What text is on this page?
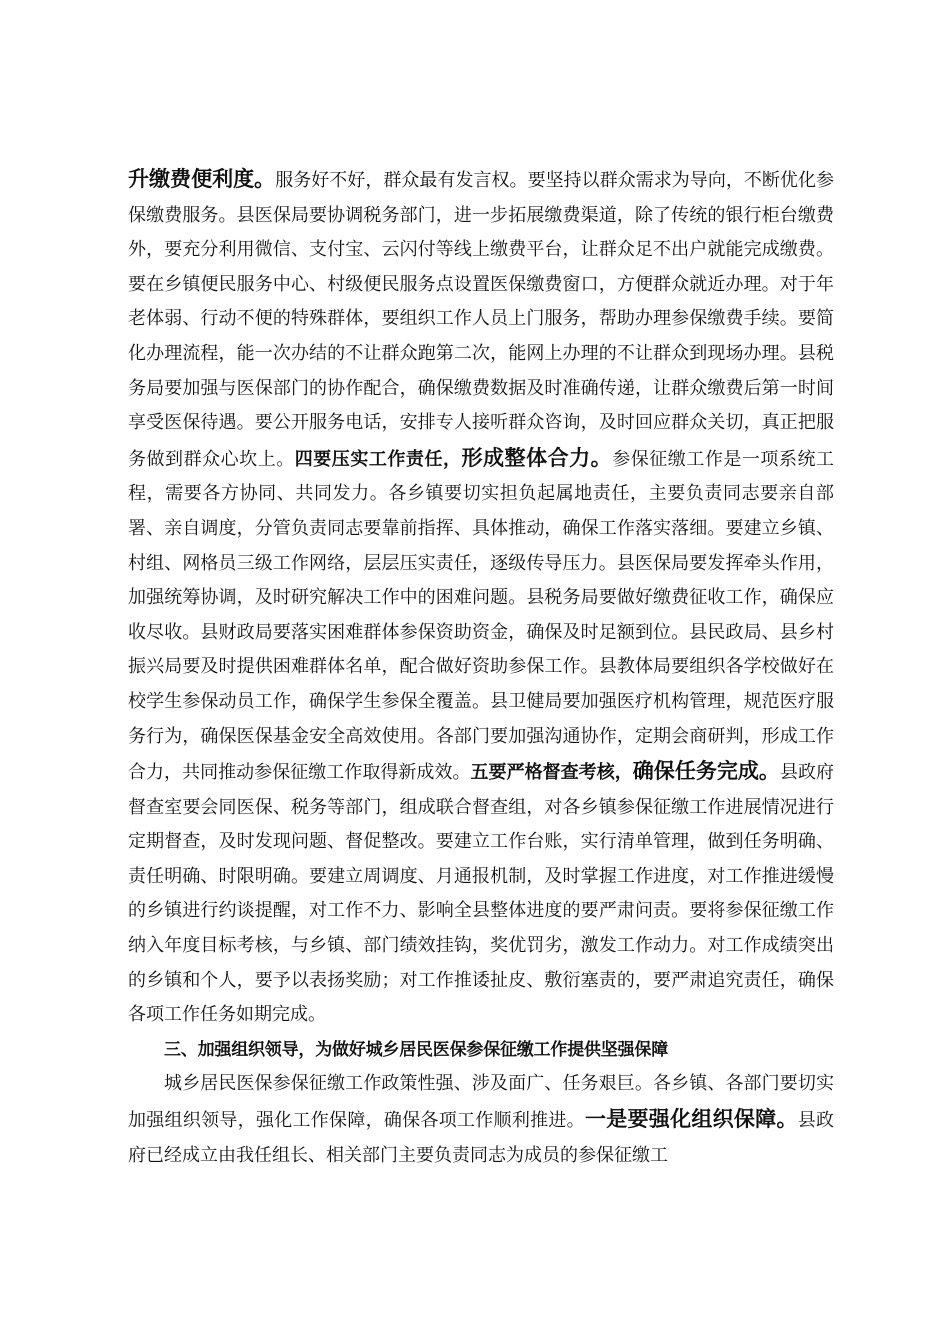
升缴费便利度。服务好不好，群众最有发言权。要坚持以群众需求为导向，不断优化参保缴费服务。县医保局要协调税务部门，进一步拓展缴费渠道，除了传统的银行柜台缴费外，要充分利用微信、支付宝、云闪付等线上缴费平台，让群众足不出户就能完成缴费。要在乡镇便民服务中心、村级便民服务点设置医保缴费窗口，方便群众就近办理。对于年老体弱、行动不便的特殊群体，要组织工作人员上门服务，帮助办理参保缴费手续。要简化办理流程，能一次办结的不让群众跑第二次，能网上办理的不让群众到现场办理。县税务局要加强与医保部门的协作配合，确保缴费数据及时准确传递，让群众缴费后第一时间享受医保待遇。要公开服务电话，安排专人接听群众咨询，及时回应群众关切，真正把服务做到群众心坎上。四要压实工作责任，形成整体合力。参保征缴工作是一项系统工程，需要各方协同、共同发力。各乡镇要切实担负起属地责任，主要负责同志要亲自部署、亲自调度，分管负责同志要靠前指挥、具体推动，确保工作落实落细。要建立乡镇、村组、网格员三级工作网络，层层压实责任，逐级传导压力。县医保局要发挥牵头作用，加强统筹协调，及时研究解决工作中的困难问题。县税务局要做好缴费征收工作，确保应收尽收。县财政局要落实困难群体参保资助资金，确保及时足额到位。县民政局、县乡村振兴局要及时提供困难群体名单，配合做好资助参保工作。县教体局要组织各学校做好在校学生参保动员工作，确保学生参保全覆盖。县卫健局要加强医疗机构管理，规范医疗服务行为，确保医保基金安全高效使用。各部门要加强沟通协作，定期会商研判，形成工作合力，共同推动参保征缴工作取得新成效。五要严格督查考核，确保任务完成。县政府督查室要会同医保、税务等部门，组成联合督查组，对各乡镇参保征缴工作进展情况进行定期督查，及时发现问题、督促整改。要建立工作台账，实行清单管理，做到任务明确、责任明确、时限明确。要建立周调度、月通报机制，及时掌握工作进度，对工作推进缓慢的乡镇进行约谈提醒，对工作不力、影响全县整体进度的要严肃问责。要将参保征缴工作纳入年度目标考核，与乡镇、部门绩效挂钩，奖优罚劣，激发工作动力。对工作成绩突出的乡镇和个人，要予以表扬奖励；对工作推诿扯皮、敷衍塞责的，要严肃追究责任，确保各项工作任务如期完成。

三、加强组织领导，为做好城乡居民医保参保征缴工作提供坚强保障

城乡居民医保参保征缴工作政策性强、涉及面广、任务艰巨。各乡镇、各部门要切实加强组织领导，强化工作保障，确保各项工作顺利推进。一是要强化组织保障。县政府已经成立由我任组长、相关部门主要负责同志为成员的参保征缴工
